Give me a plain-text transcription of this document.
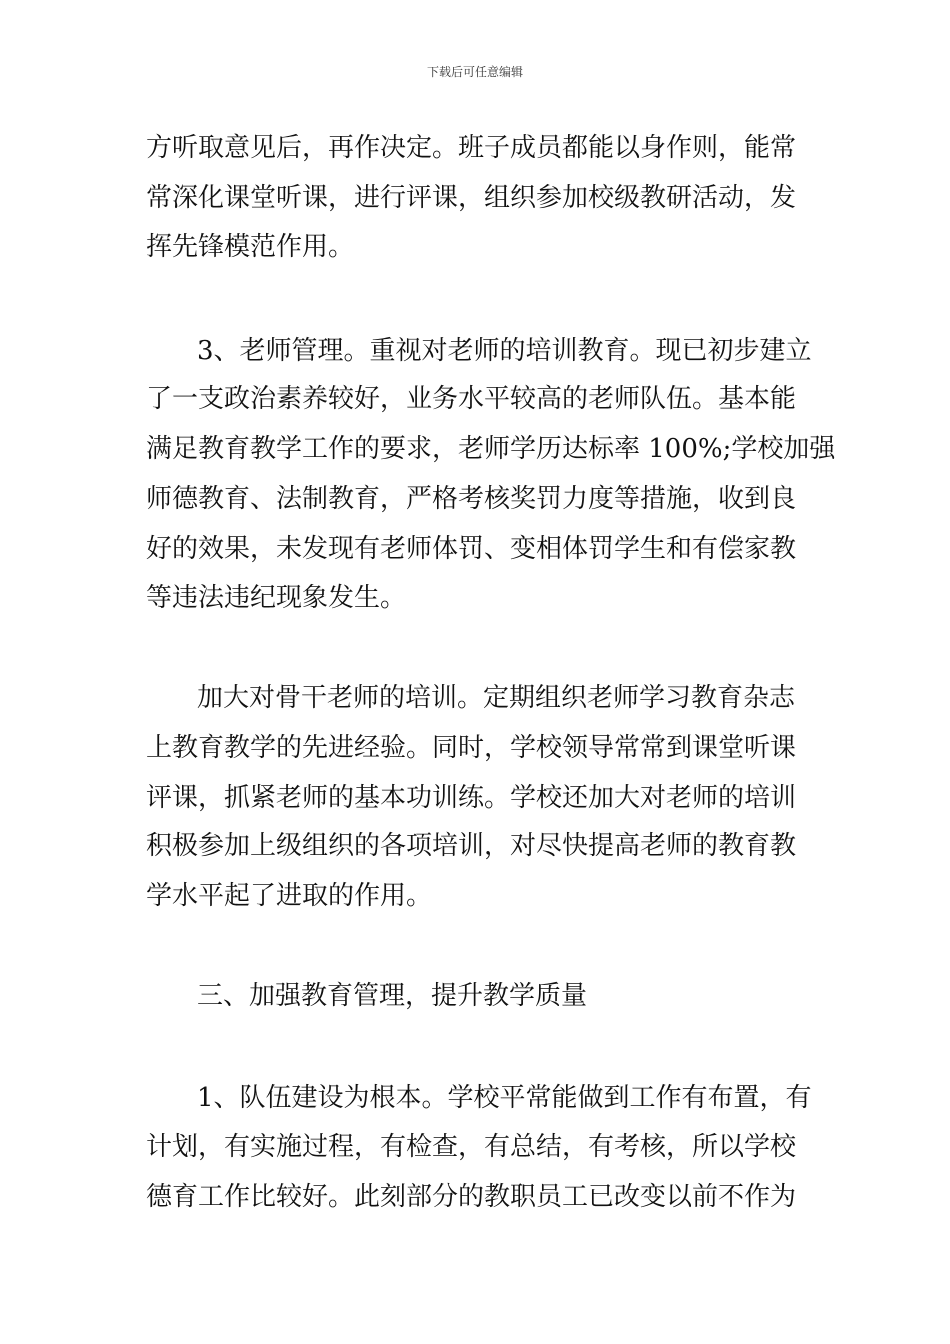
下载后可任意编辑
方听取意见后，再作决定。班子成员都能以身作则，能常
常深化课堂听课，进行评课，组织参加校级教研活动，发
挥先锋模范作用。
3、老师管理。重视对老师的培训教育。现已初步建立
了一支政治素养较好，业务水平较高的老师队伍。基本能
满足教育教学工作的要求，老师学历达标率 100%;学校加强
师德教育、法制教育，严格考核奖罚力度等措施，收到良
好的效果，未发现有老师体罚、变相体罚学生和有偿家教
等违法违纪现象发生。
加大对骨干老师的培训。定期组织老师学习教育杂志
上教育教学的先进经验。同时，学校领导常常到课堂听课
评课，抓紧老师的基本功训练。学校还加大对老师的培训
积极参加上级组织的各项培训，对尽快提高老师的教育教
学水平起了进取的作用。
三、加强教育管理，提升教学质量
1、队伍建设为根本。学校平常能做到工作有布置，有
计划，有实施过程，有检查，有总结，有考核，所以学校
德育工作比较好。此刻部分的教职员工已改变以前不作为
